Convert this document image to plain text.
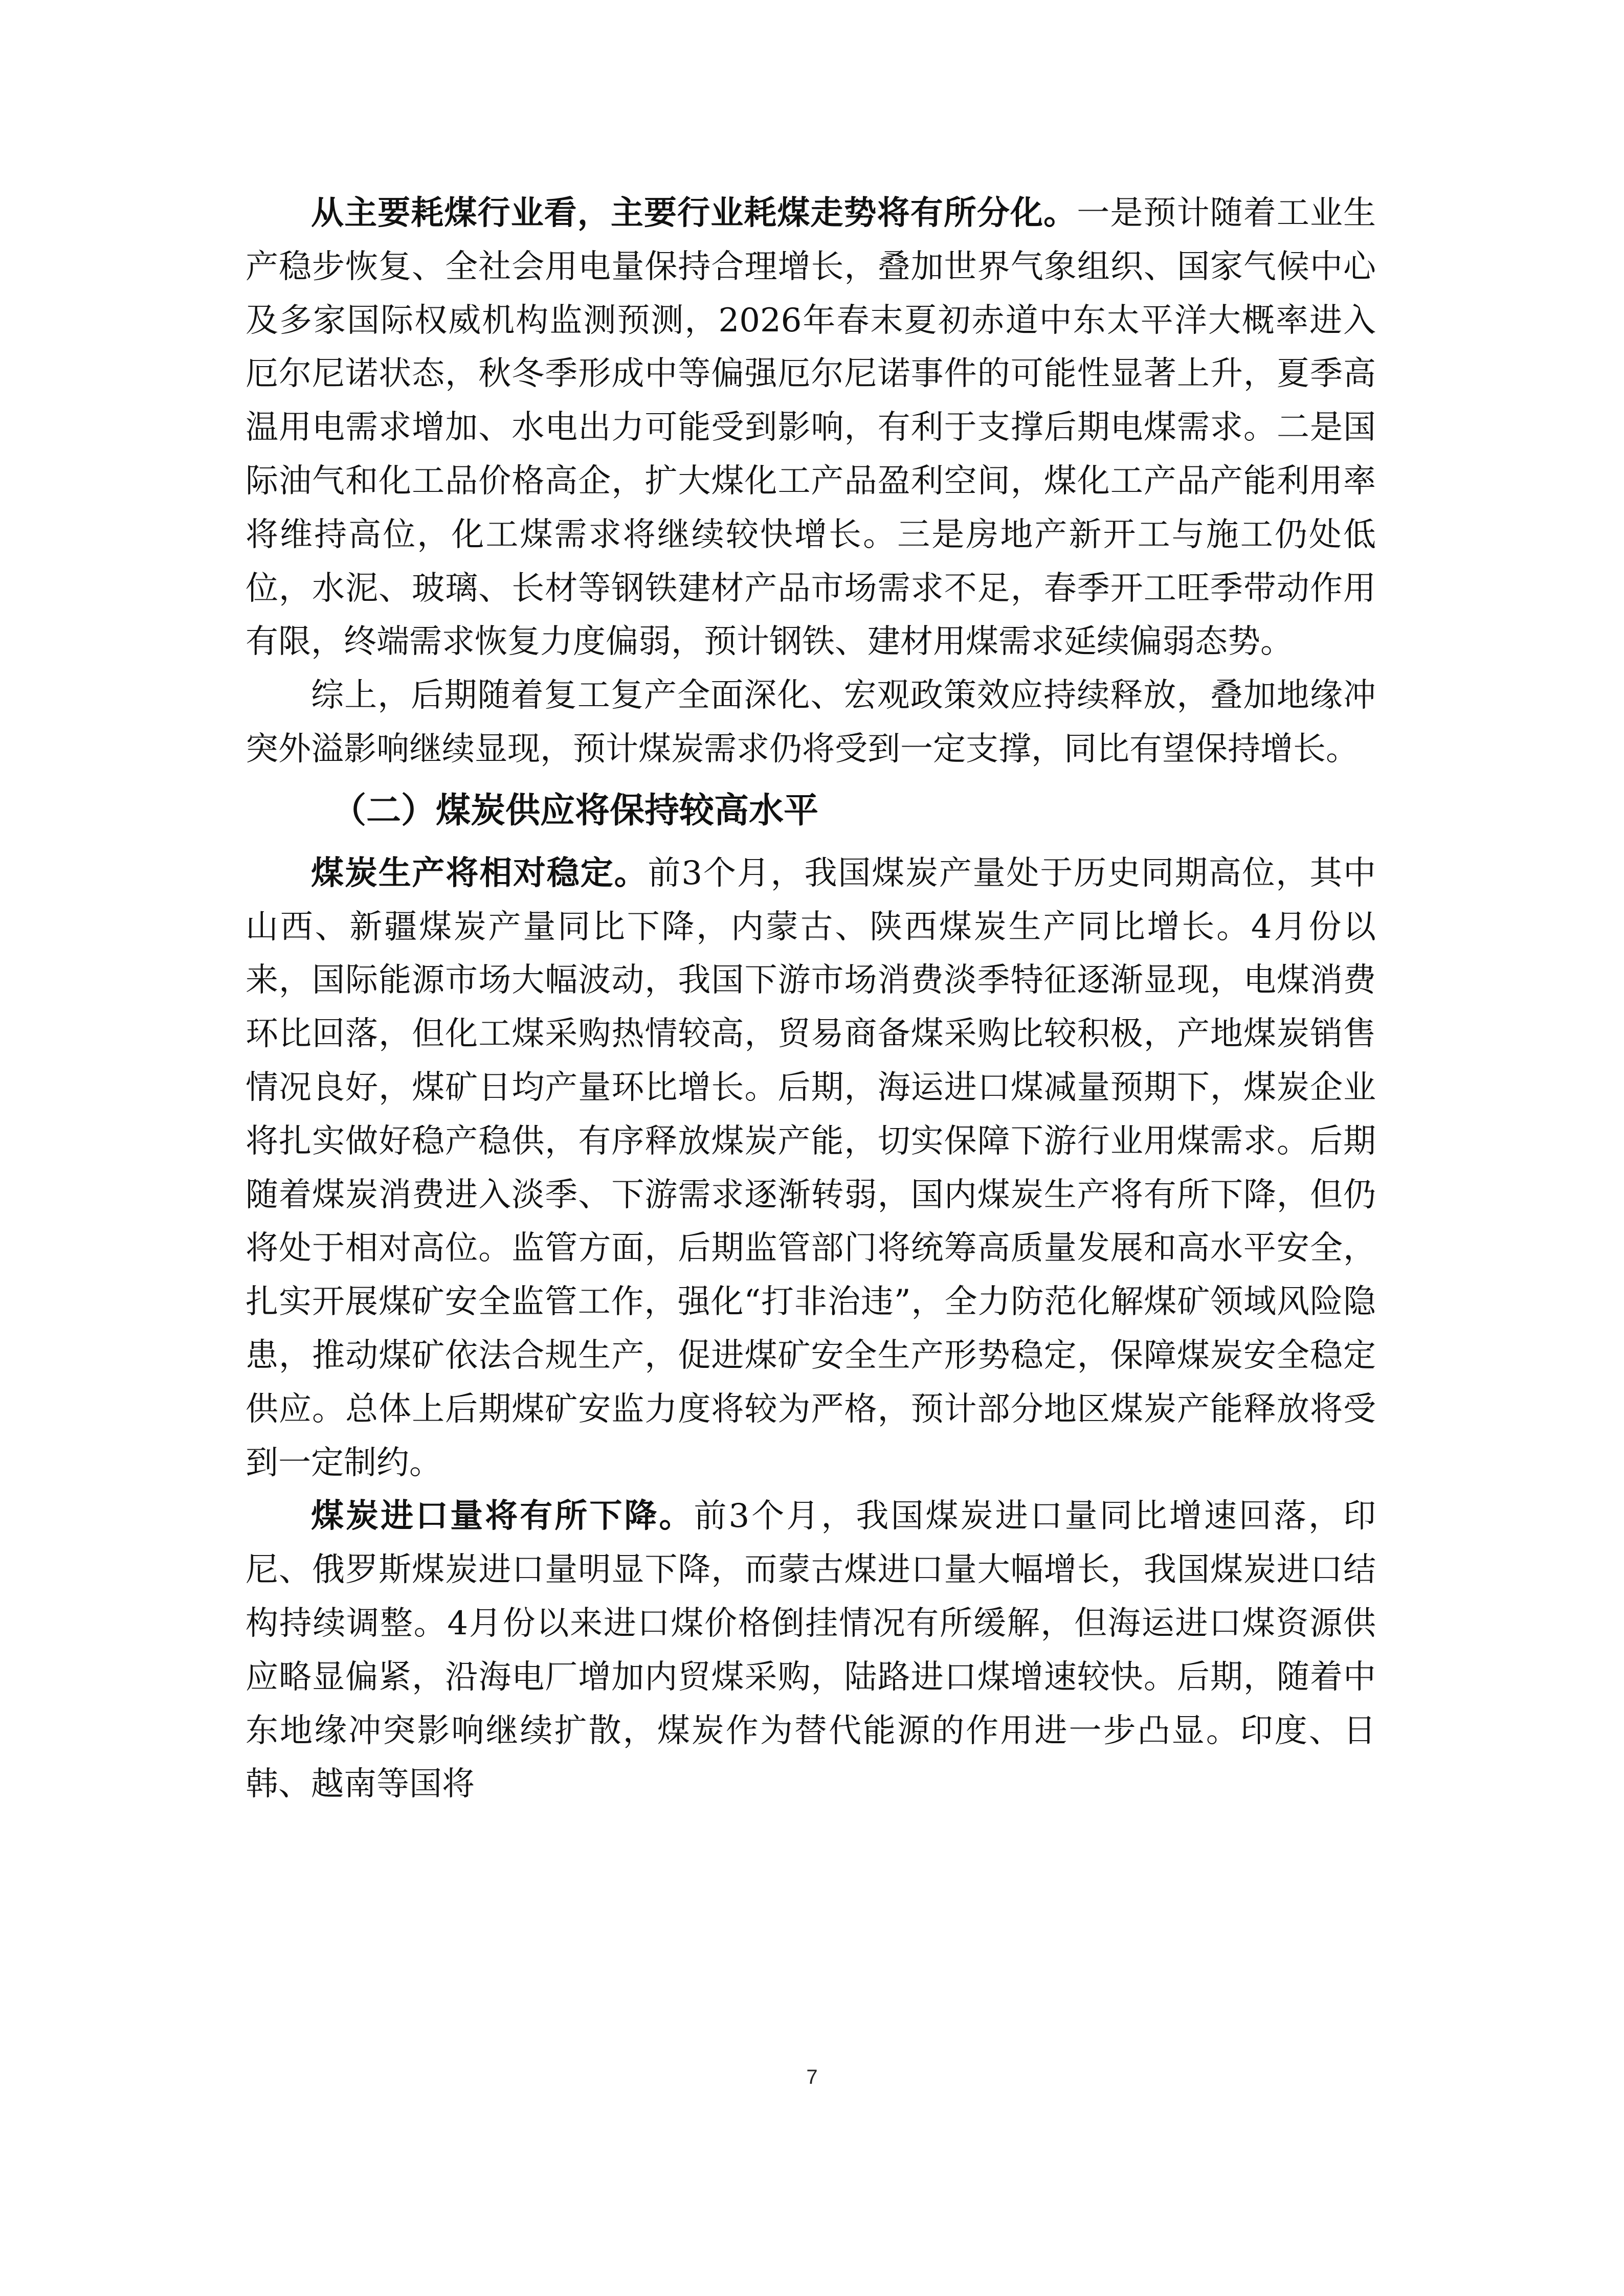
从主要耗煤行业看，主要行业耗煤走势将有所分化。一是预计随着工业生产稳步恢复、全社会用电量保持合理增长，叠加世界气象组织、国家气候中心及多家国际权威机构监测预测，2026年春末夏初赤道中东太平洋大概率进入厄尔尼诺状态，秋冬季形成中等偏强厄尔尼诺事件的可能性显著上升，夏季高温用电需求增加、水电出力可能受到影响，有利于支撑后期电煤需求。二是国际油气和化工品价格高企，扩大煤化工产品盈利空间，煤化工产品产能利用率将维持高位，化工煤需求将继续较快增长。三是房地产新开工与施工仍处低位，水泥、玻璃、长材等钢铁建材产品市场需求不足，春季开工旺季带动作用有限，终端需求恢复力度偏弱，预计钢铁、建材用煤需求延续偏弱态势。

综上，后期随着复工复产全面深化、宏观政策效应持续释放，叠加地缘冲突外溢影响继续显现，预计煤炭需求仍将受到一定支撑，同比有望保持增长。

（二）煤炭供应将保持较高水平

煤炭生产将相对稳定。前3个月，我国煤炭产量处于历史同期高位，其中山西、新疆煤炭产量同比下降，内蒙古、陕西煤炭生产同比增长。4月份以来，国际能源市场大幅波动，我国下游市场消费淡季特征逐渐显现，电煤消费环比回落，但化工煤采购热情较高，贸易商备煤采购比较积极，产地煤炭销售情况良好，煤矿日均产量环比增长。后期，海运进口煤减量预期下，煤炭企业将扎实做好稳产稳供，有序释放煤炭产能，切实保障下游行业用煤需求。后期随着煤炭消费进入淡季、下游需求逐渐转弱，国内煤炭生产将有所下降，但仍将处于相对高位。监管方面，后期监管部门将统筹高质量发展和高水平安全，扎实开展煤矿安全监管工作，强化“打非治违”，全力防范化解煤矿领域风险隐患，推动煤矿依法合规生产，促进煤矿安全生产形势稳定，保障煤炭安全稳定供应。总体上后期煤矿安监力度将较为严格，预计部分地区煤炭产能释放将受到一定制约。

煤炭进口量将有所下降。前3个月，我国煤炭进口量同比增速回落，印尼、俄罗斯煤炭进口量明显下降，而蒙古煤进口量大幅增长，我国煤炭进口结构持续调整。4月份以来进口煤价格倒挂情况有所缓解，但海运进口煤资源供应略显偏紧，沿海电厂增加内贸煤采购，陆路进口煤增速较快。后期，随着中东地缘冲突影响继续扩散，煤炭作为替代能源的作用进一步凸显。印度、日韩、越南等国将

7
